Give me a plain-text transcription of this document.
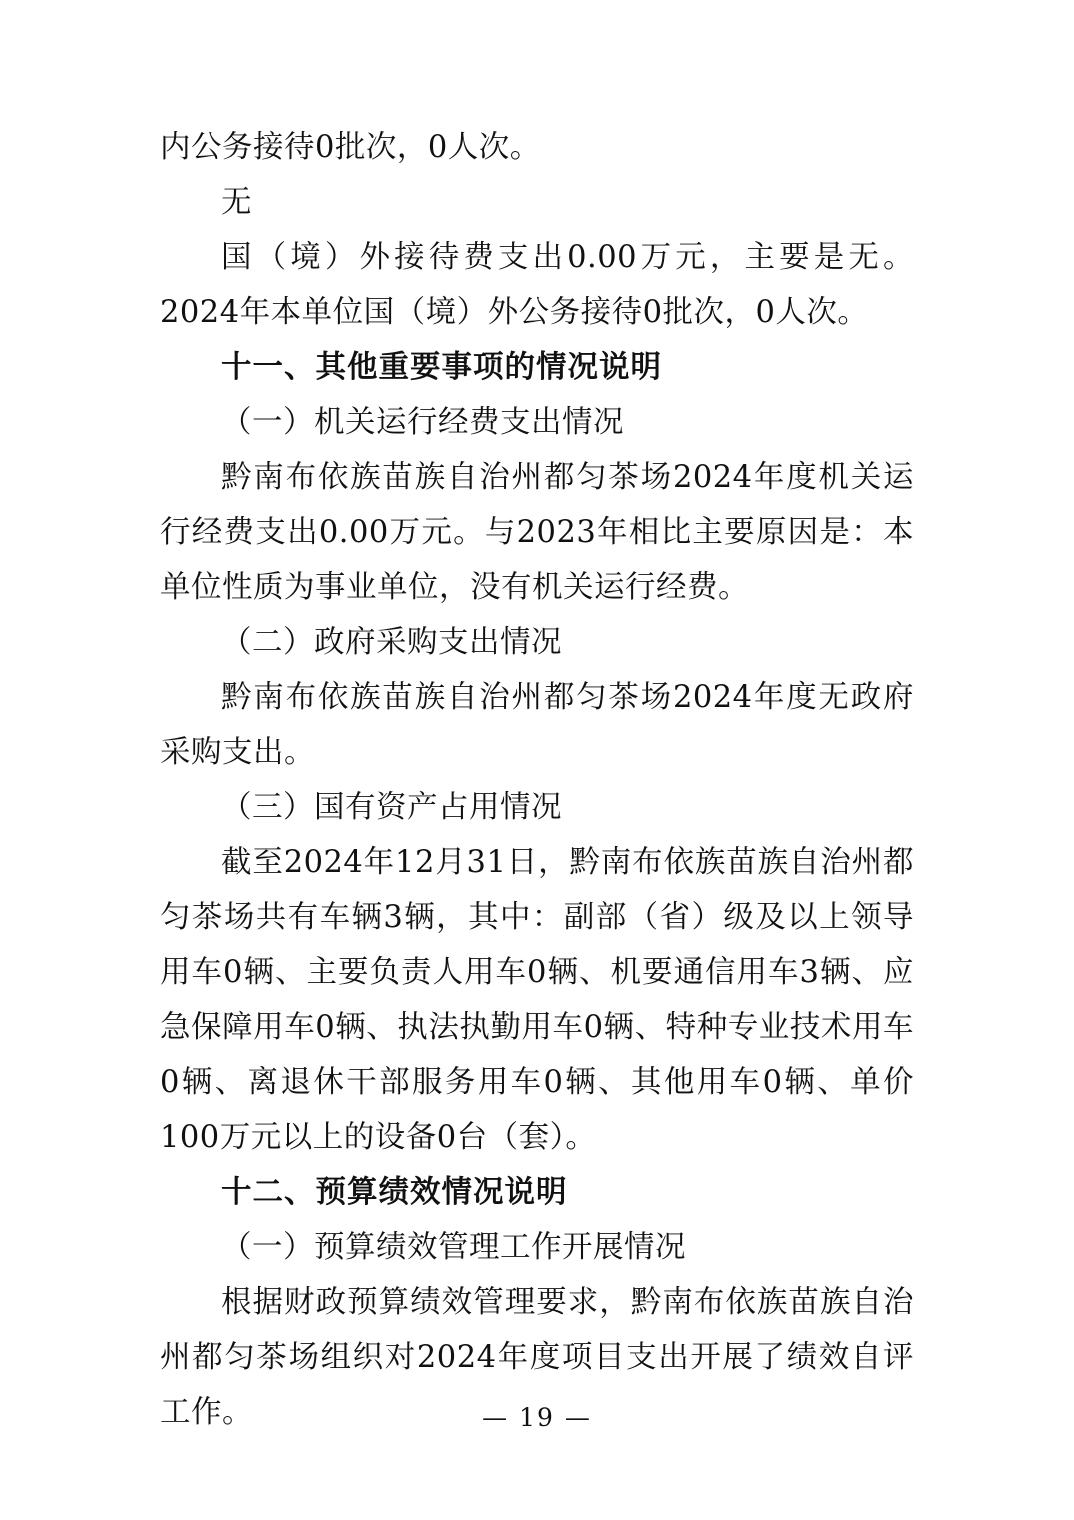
内公务接待0批次，0人次。

无

国（境）外接待费支出0.00万元，主要是无。2024年本单位国（境）外公务接待0批次，0人次。

十一、其他重要事项的情况说明

（一）机关运行经费支出情况

黔南布依族苗族自治州都匀茶场2024年度机关运行经费支出0.00万元。与2023年相比主要原因是：本单位性质为事业单位，没有机关运行经费。

（二）政府采购支出情况

黔南布依族苗族自治州都匀茶场2024年度无政府采购支出。

（三）国有资产占用情况

截至2024年12月31日，黔南布依族苗族自治州都匀茶场共有车辆3辆，其中：副部（省）级及以上领导用车0辆、主要负责人用车0辆、机要通信用车3辆、应急保障用车0辆、执法执勤用车0辆、特种专业技术用车0辆、离退休干部服务用车0辆、其他用车0辆、单价100万元以上的设备0台（套）。

十二、预算绩效情况说明

（一）预算绩效管理工作开展情况

根据财政预算绩效管理要求，黔南布依族苗族自治州都匀茶场组织对2024年度项目支出开展了绩效自评工作。	— 19 —
